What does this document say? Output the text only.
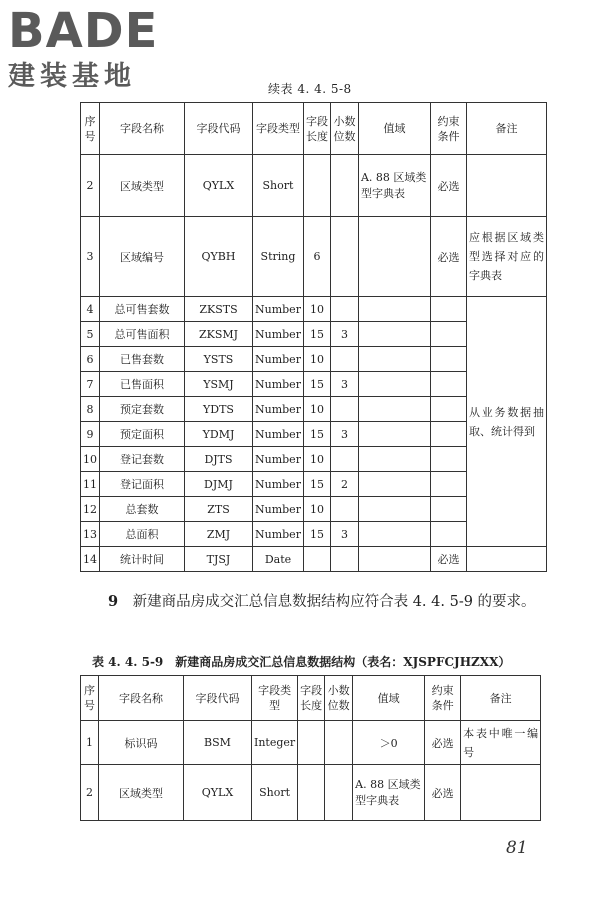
BADE
建装基地	续表 4. 4. 5-8
序号	字段名称	字段代码	字段类型	字段长度	小数位数	值域	约束条件	备注
2	区域类型	QYLX	Short			A. 88 区域类型字典表	必选	
3	区域编号	QYBH	String	6			必选	应根据区域类型选择对应的字典表
4	总可售套数	ZKSTS	Number	10				从业务数据抽取、统计得到
5	总可售面积	ZKSMJ	Number	15	3			
6	已售套数	YSTS	Number	10				
7	已售面积	YSMJ	Number	15	3			
8	预定套数	YDTS	Number	10				
9	预定面积	YDMJ	Number	15	3			
10	登记套数	DJTS	Number	10				
11	登记面积	DJMJ	Number	15	2			
12	总套数	ZTS	Number	10				
13	总面积	ZMJ	Number	15	3			
14	统计时间	TJSJ	Date				必选	
9　 新建商品房成交汇总信息数据结构应符合表 4. 4. 5-9 的要求。
表 4. 4. 5-9　新建商品房成交汇总信息数据结构（表名：XJSPFCJHZXX）
序号	字段名称	字段代码	字段类型	字段长度	小数位数	值域	约束条件	备注
1	标识码	BSM	Integer			＞0	必选	本表中唯一编号
2	区域类型	QYLX	Short			A. 88 区域类型字典表	必选	
81
